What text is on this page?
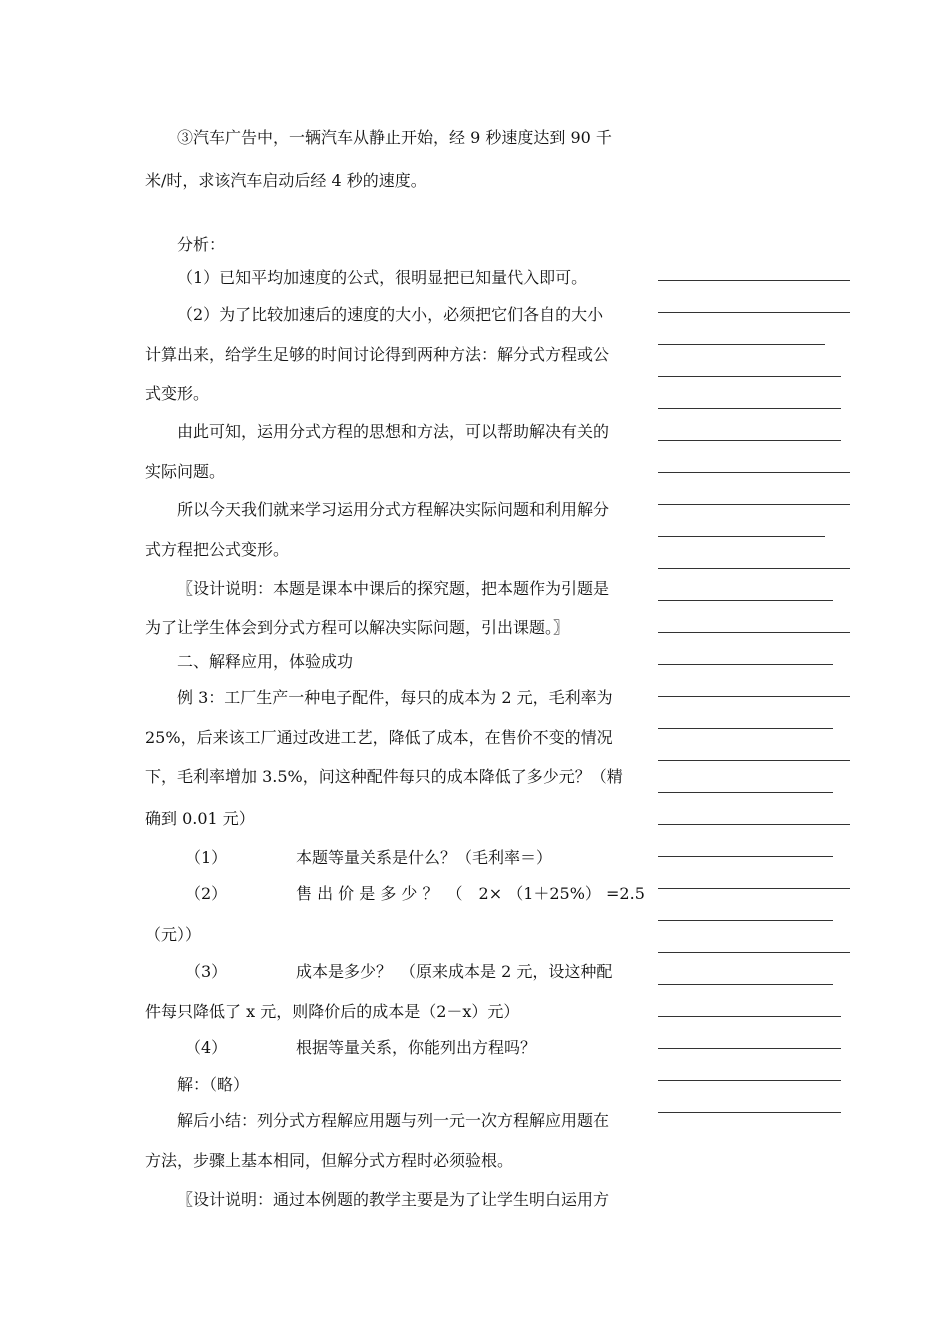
③汽车广告中，一辆汽车从静止开始，经 9 秒速度达到 90 千
米/时，求该汽车启动后经 4 秒的速度。
分析：
（1）已知平均加速度的公式，很明显把已知量代入即可。
（2）为了比较加速后的速度的大小，必须把它们各自的大小
计算出来，给学生足够的时间讨论得到两种方法：解分式方程或公
式变形。
由此可知，运用分式方程的思想和方法，可以帮助解决有关的
实际问题。
所以今天我们就来学习运用分式方程解决实际问题和利用解分
式方程把公式变形。
〖设计说明：本题是课本中课后的探究题，把本题作为引题是
为了让学生体会到分式方程可以解决实际问题，引出课题。〗
二、解释应用，体验成功
例 3：工厂生产一种电子配件，每只的成本为 2 元，毛利率为
25%，后来该工厂通过改进工艺，降低了成本，在售价不变的情况
下，毛利率增加 3.5%，问这种配件每只的成本降低了多少元？（精
确到 0.01 元）
（1）	本题等量关系是什么？（毛利率＝）
（2）	售 出 价 是 多 少 ？　（　2× （1＋25%） =2.5
（元））
（3）	成本是多少？　（原来成本是 2 元，设这种配
件每只降低了 x 元，则降价后的成本是（2－x）元）
（4）	根据等量关系，你能列出方程吗？
解：（略）
解后小结：列分式方程解应用题与列一元一次方程解应用题在
方法，步骤上基本相同，但解分式方程时必须验根。
〖设计说明：通过本例题的教学主要是为了让学生明白运用方
